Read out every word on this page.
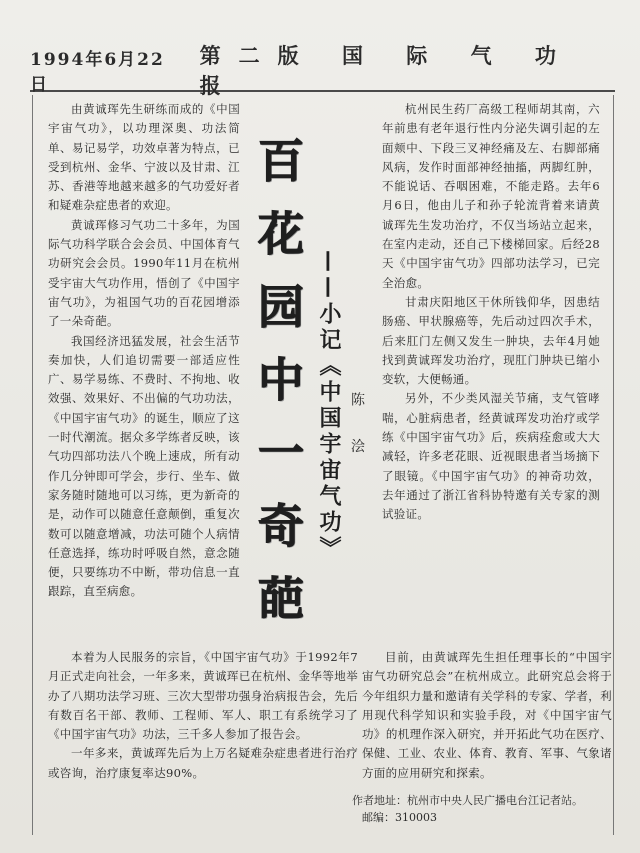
1994年6月22日
第二版 国 际 气 功 报

由黄诚珲先生研练而成的《中国宇宙气功》，以功理深奥、功法简单、易记易学，功效卓著为特点，已受到杭州、金华、宁波以及甘肃、江苏、香港等地越来越多的气功爱好者和疑难杂症患者的欢迎。

黄诚珲修习气功二十多年，为国际气功科学联合会会员、中国体育气功研究会会员。1990年11月在杭州受宇宙大气功作用，悟创了《中国宇宙气功》，为祖国气功的百花园增添了一朵奇葩。

我国经济迅猛发展，社会生活节奏加快，人们追切需要一部适应性广、易学易练、不费时、不拘地、收效强、效果好、不出偏的气功功法，《中国宇宙气功》的诞生，顺应了这一时代潮流。据众多学练者反映，该气功四部功法八个晚上速成，所有动作几分钟即可学会，步行、坐车、做家务随时随地可以习练，更为新奇的是，动作可以随意任意颠倒，重复次数可以随意增减，功法可随个人病情任意选择，练功时呼吸自然，意念随便，只要练功不中断，带功信息一直跟踪，直至病愈。

百
花
园
中
一
奇
葩
——小记《中国宇宙气功》 陈 浍

杭州民生药厂高级工程师胡其南，六年前患有老年退行性内分泌失调引起的左面颊中、下段三叉神经痛及左、右脚部痛风病，发作时面部神经抽搐，两脚红肿，不能说话、吞咽困难，不能走路。去年6月6日，他由儿子和孙子轮流背着来请黄诚珲先生发功治疗，不仅当场站立起来，在室内走动，还自己下楼梯回家。后经28天《中国宇宙气功》四部功法学习，已完全治愈。

甘肃庆阳地区干休所钱仰华，因患结肠癌、甲状腺癌等，先后动过四次手术，后来肛门左侧又发生一肿块，去年4月她找到黄诚珲发功治疗，现肛门肿块已缩小变软，大便畅通。

另外，不少类风湿关节痛，支气管哮喘，心脏病患者，经黄诚珲发功治疗或学练《中国宇宙气功》后，疾病痊愈或大大减轻，许多老花眼、近视眼患者当场摘下了眼镜。《中国宇宙气功》的神奇功效，去年通过了浙江省科协特邀有关专家的测试验证。

本着为人民服务的宗旨，《中国宇宙气功》于1992年7月正式走向社会，一年多来，黄诚珲已在杭州、金华等地举办了八期功法学习班、三次大型带功强身治病报告会，先后有数百名干部、教师、工程师、军人、职工有系统学习了《中国宇宙气功》功法，三千多人参加了报告会。

一年多来，黄诚珲先后为上万名疑难杂症患者进行治疗或咨询，治疗康复率达90%。

目前，由黄诚珲先生担任理事长的“中国宇宙气功研究总会”在杭州成立。此研究总会将于今年组织力量和邀请有关学科的专家、学者，利用现代科学知识和实验手段，对《中国宇宙气功》的机理作深入研究，并开拓此气功在医疗、保健、工业、农业、体育、教育、军事、气象诸方面的应用研究和探索。

作者地址：杭州市中央人民广播电台江记者站。
邮编：310003
